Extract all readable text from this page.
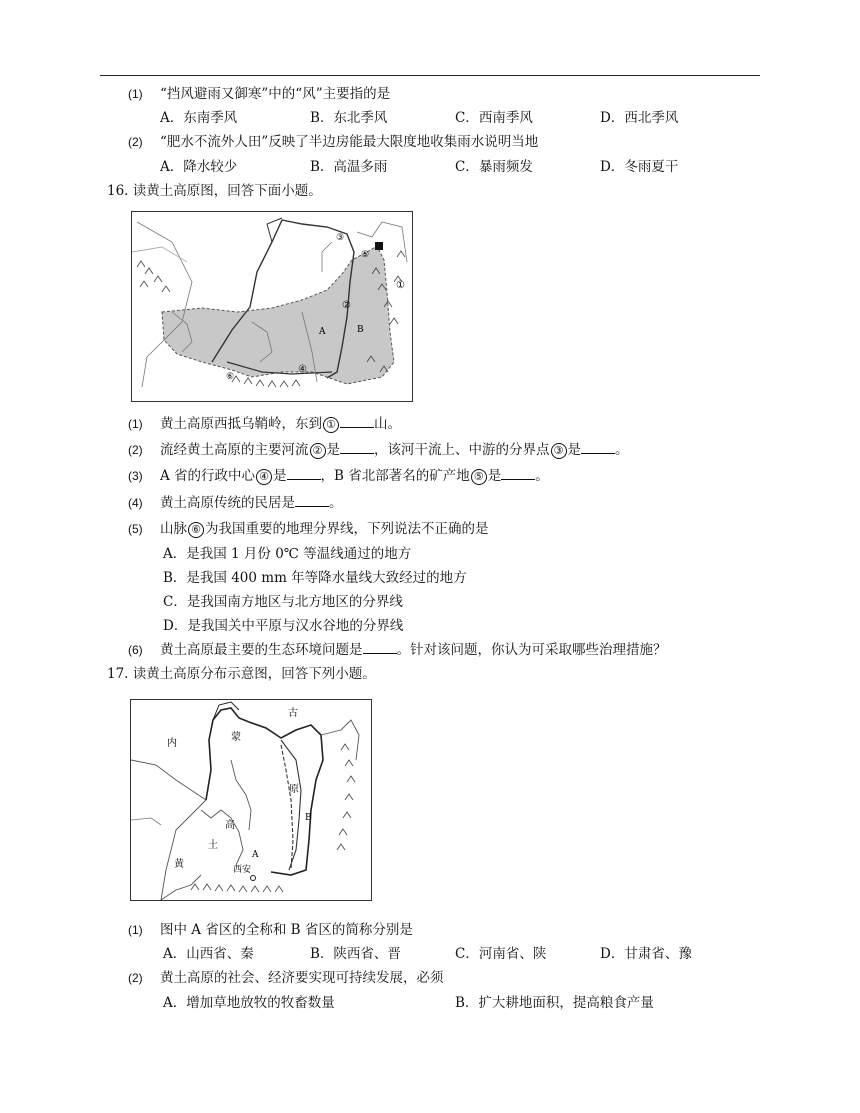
(1) “挡风避雨又御寒”中的“风”主要指的是
A．东南季风	B．东北季风	C．西南季风	D．西北季风
(2) “肥水不流外人田”反映了半边房能最大限度地收集雨水说明当地
A．降水较少	B．高温多雨	C．暴雨频发	D．冬雨夏干
16. 读黄土高原图，回答下面小题。
A	B
①
②
③
④
⑤
⑥
(1) 黄土高原西抵乌鞘岭，东到 ①	山。
(2) 流经黄土高原的主要河流 ② 是	，该河干流上、中游的分界点 ③ 是	。
(3) A 省的行政中心 ④ 是	，B 省北部著名的矿产地 ⑤ 是	。
(4) 黄土高原传统的民居是	。
(5) 山脉 ⑥ 为我国重要的地理分界线，下列说法不正确的是
A．是我国 1 月份 0℃ 等温线通过的地方
B．是我国 400 mm 年等降水量线大致经过的地方
C．是我国南方地区与北方地区的分界线
D．是我国关中平原与汉水谷地的分界线
(6) 黄土高原最主要的生态环境问题是	。针对该问题，你认为可采取哪些治理措施？
17. 读黄土高原分布示意图，回答下列小题。
古
内
蒙
原
B
高
土
A
黄	西安
(1) 图中 A 省区的全称和 B 省区的简称分别是
A．山西省、秦	B．陕西省、晋	C．河南省、陕	D．甘肃省、豫
(2) 黄土高原的社会、经济要实现可持续发展，必须
A．增加草地放牧的牧畜数量	B．扩大耕地面积，提高粮食产量
